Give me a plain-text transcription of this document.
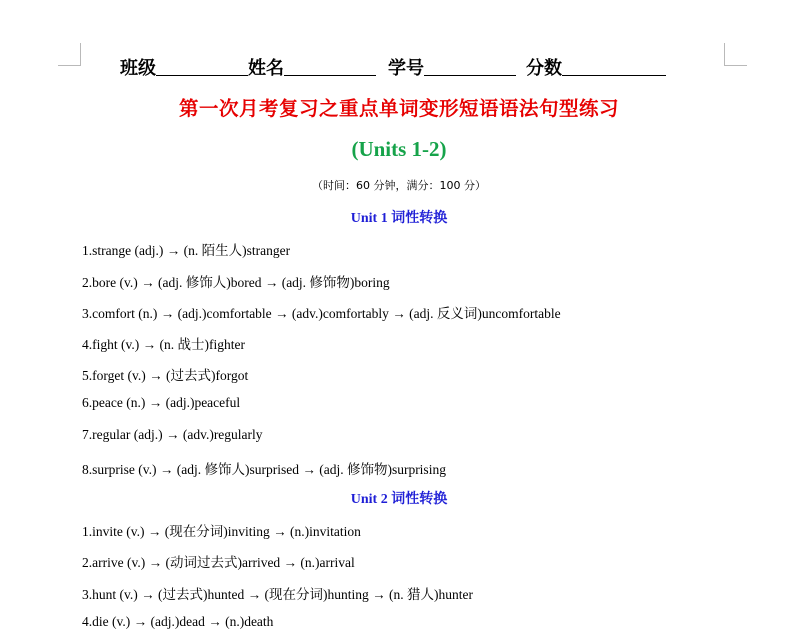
班级	姓名	学号	分数
第一次月考复习之重点单词变形短语语法句型练习
(Units 1-2)
（时间：60 分钟，满分：100 分）
Unit 1 词性转换
1.strange (adj.) → (n. 陌生人)stranger
2.bore (v.) → (adj. 修饰人)bored → (adj. 修饰物)boring
3.comfort (n.) → (adj.)comfortable → (adv.)comfortably → (adj. 反义词)uncomfortable
4.fight (v.) → (n. 战士)fighter
5.forget (v.) → (过去式)forgot
6.peace (n.) → (adj.)peaceful
7.regular (adj.) → (adv.)regularly
8.surprise (v.) → (adj. 修饰人)surprised → (adj. 修饰物)surprising
Unit 2 词性转换
1.invite (v.) → (现在分词)inviting → (n.)invitation
2.arrive (v.) → (动词过去式)arrived → (n.)arrival
3.hunt (v.) → (过去式)hunted → (现在分词)hunting → (n. 猎人)hunter
4.die (v.) → (adj.)dead → (n.)death
